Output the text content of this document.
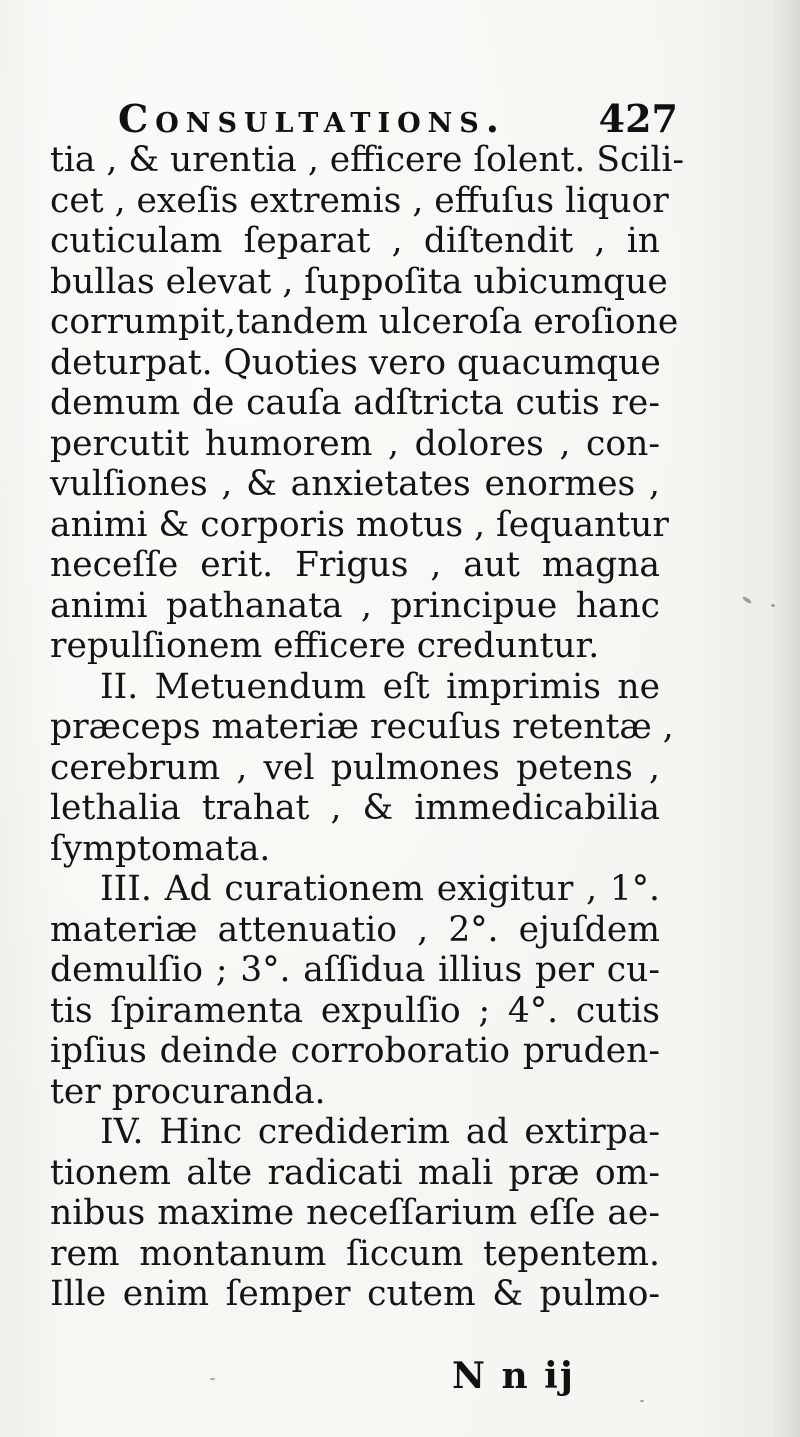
Consultations. 427
tia , & urentia , efficere ſolent. Scili-
cet , exeſis extremis , effuſus liquor
cuticulam ſeparat , diſtendit , in
bullas elevat , ſuppoſita ubicumque
corrumpit,tandem ulceroſa eroſione
deturpat. Quoties vero quacumque
demum de cauſa adſtricta cutis re-
percutit humorem , dolores , con-
vulſiones , & anxietates enormes ,
animi & corporis motus , ſequantur
neceſſe erit. Frigus , aut magna
animi pathanata , principue hanc
repulſionem efficere creduntur.
II. Metuendum eſt imprimis ne
præceps materiæ recuſus retentæ ,
cerebrum , vel pulmones petens ,
lethalia trahat , & immedicabilia
ſymptomata.
III. Ad curationem exigitur , 1°.
materiæ attenuatio , 2°. ejuſdem
demulſio ; 3°. aſſidua illius per cu-
tis ſpiramenta expulſio ; 4°. cutis
ipſius deinde corroboratio pruden-
ter procuranda.
IV. Hinc crediderim ad extirpa-
tionem alte radicati mali præ om-
nibus maxime neceſſarium eſſe ae-
rem montanum ſiccum tepentem.
Ille enim ſemper cutem & pulmo-
N n ij
